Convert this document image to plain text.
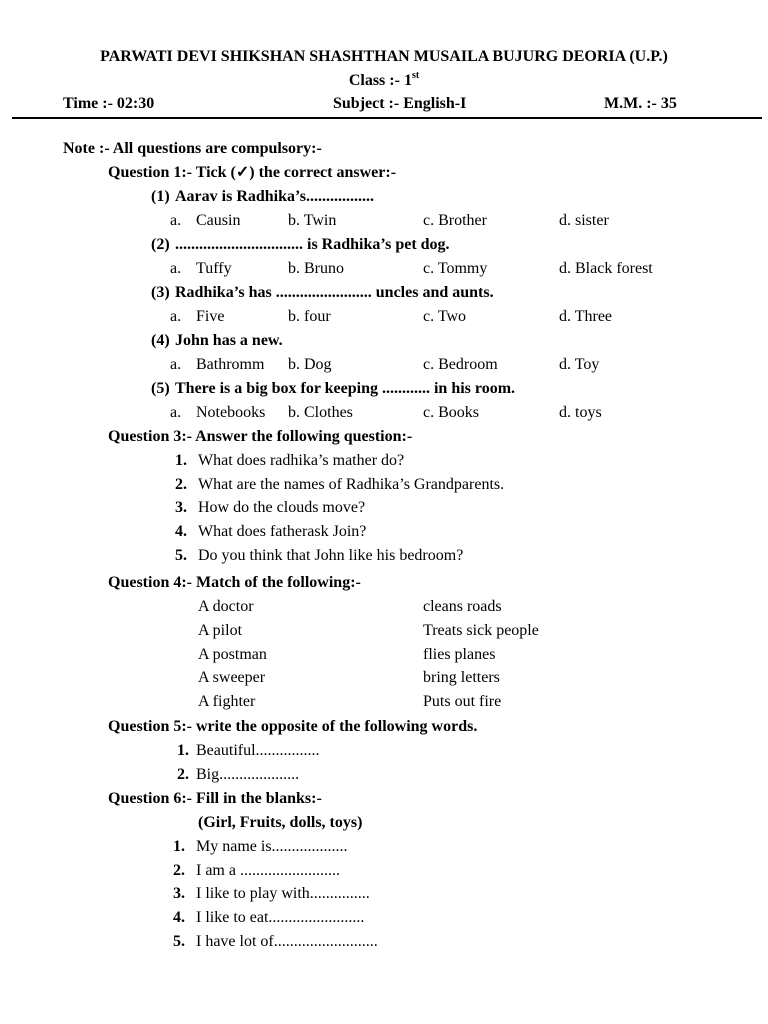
PARWATI DEVI SHIKSHAN SHASHTHAN MUSAILA BUJURG DEORIA (U.P.)
Class :- 1st
Time :- 02:30	Subject :- English-I	M.M. :- 35
Note :- All questions are compulsory:-
Question 1:- Tick (✓) the correct answer:-
(1) Aarav is Radhika’s.................
a. Causin	b. Twin	c. Brother	d. sister
(2) ................................ is Radhika’s pet dog.
a. Tuffy	b. Bruno	c. Tommy	d. Black forest
(3) Radhika’s has ........................ uncles and aunts.
a. Five	b. four	c. Two	d. Three
(4) John has a new.
a. Bathromm b. Dog	c. Bedroom	d. Toy
(5) There is a big box for keeping ............ in his room.
a. Notebooks b. Clothes	c. Books	d. toys
Question 3:- Answer the following question:-
1. What does radhika’s mather do?
2. What are the names of Radhika’s Grandparents.
3. How do the clouds move?
4. What does fatherask Join?
5. Do you think that John like his bedroom?
Question 4:- Match of the following:-
A doctor	cleans roads
A pilot	Treats sick people
A postman	flies planes
A sweeper	bring letters
A fighter	Puts out fire
Question 5:- write the opposite of the following words.
1. Beautiful................
2. Big....................
Question 6:- Fill in the blanks:-
(Girl, Fruits, dolls, toys)
1. My name is...................
2. I am a .........................
3. I like to play with...............
4. I like to eat........................
5. I have lot of..........................
